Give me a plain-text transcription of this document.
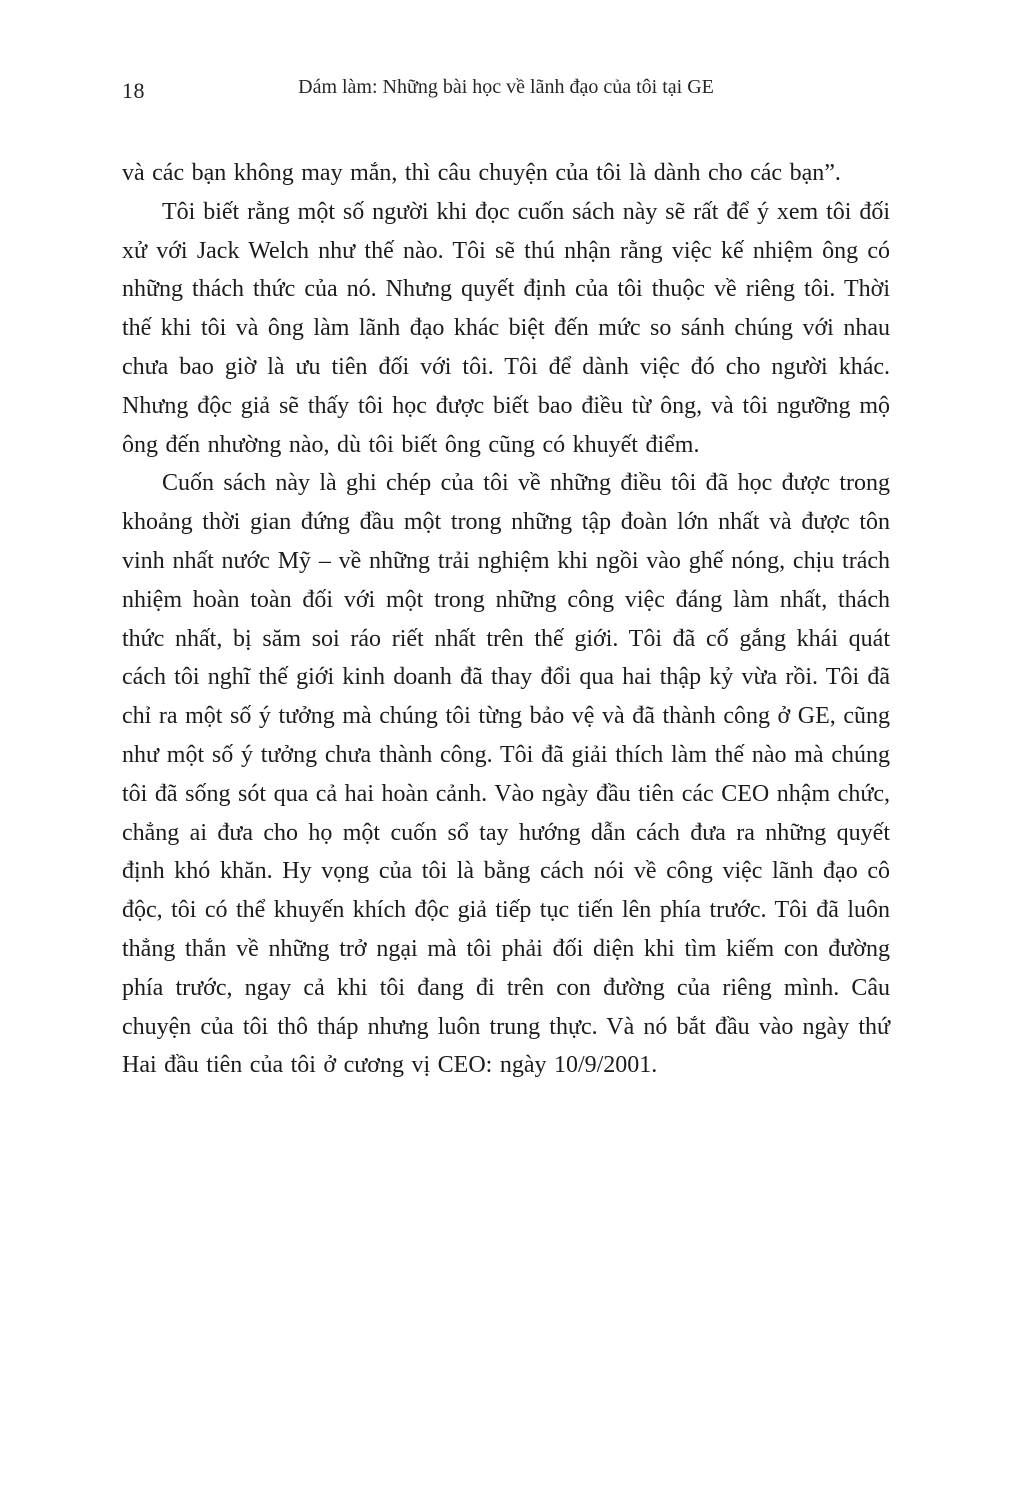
18	Dám làm: Những bài học về lãnh đạo của tôi tại GE

và các bạn không may mắn, thì câu chuyện của tôi là dành cho các bạn”.

Tôi biết rằng một số người khi đọc cuốn sách này sẽ rất để ý xem tôi đối xử với Jack Welch như thế nào. Tôi sẽ thú nhận rằng việc kế nhiệm ông có những thách thức của nó. Nhưng quyết định của tôi thuộc về riêng tôi. Thời thế khi tôi và ông làm lãnh đạo khác biệt đến mức so sánh chúng với nhau chưa bao giờ là ưu tiên đối với tôi. Tôi để dành việc đó cho người khác. Nhưng độc giả sẽ thấy tôi học được biết bao điều từ ông, và tôi ngưỡng mộ ông đến nhường nào, dù tôi biết ông cũng có khuyết điểm.

Cuốn sách này là ghi chép của tôi về những điều tôi đã học được trong khoảng thời gian đứng đầu một trong những tập đoàn lớn nhất và được tôn vinh nhất nước Mỹ – về những trải nghiệm khi ngồi vào ghế nóng, chịu trách nhiệm hoàn toàn đối với một trong những công việc đáng làm nhất, thách thức nhất, bị săm soi ráo riết nhất trên thế giới. Tôi đã cố gắng khái quát cách tôi nghĩ thế giới kinh doanh đã thay đổi qua hai thập kỷ vừa rồi. Tôi đã chỉ ra một số ý tưởng mà chúng tôi từng bảo vệ và đã thành công ở GE, cũng như một số ý tưởng chưa thành công. Tôi đã giải thích làm thế nào mà chúng tôi đã sống sót qua cả hai hoàn cảnh. Vào ngày đầu tiên các CEO nhậm chức, chẳng ai đưa cho họ một cuốn sổ tay hướng dẫn cách đưa ra những quyết định khó khăn. Hy vọng của tôi là bằng cách nói về công việc lãnh đạo cô độc, tôi có thể khuyến khích độc giả tiếp tục tiến lên phía trước. Tôi đã luôn thẳng thắn về những trở ngại mà tôi phải đối diện khi tìm kiếm con đường phía trước, ngay cả khi tôi đang đi trên con đường của riêng mình. Câu chuyện của tôi thô tháp nhưng luôn trung thực. Và nó bắt đầu vào ngày thứ Hai đầu tiên của tôi ở cương vị CEO: ngày 10/9/2001.
